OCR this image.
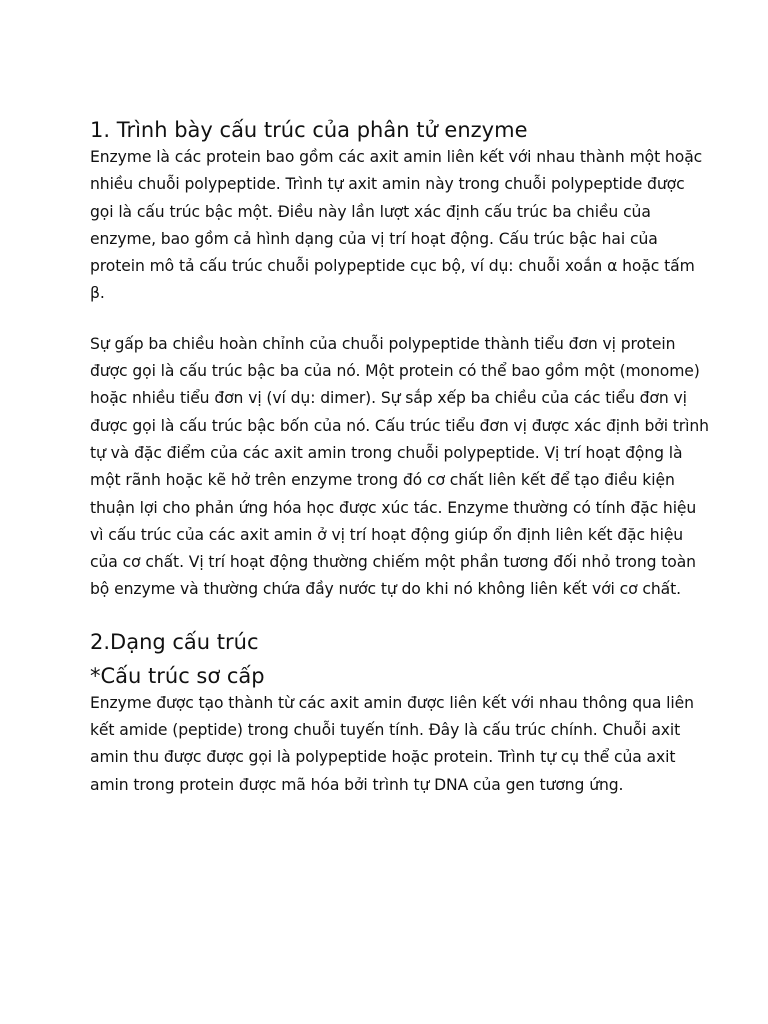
1. Trình bày cấu trúc của phân tử enzyme

Enzyme là các protein bao gồm các axit amin liên kết với nhau thành một hoặc nhiều chuỗi polypeptide. Trình tự axit amin này trong chuỗi polypeptide được gọi là cấu trúc bậc một. Điều này lần lượt xác định cấu trúc ba chiều của enzyme, bao gồm cả hình dạng của vị trí hoạt động. Cấu trúc bậc hai của protein mô tả cấu trúc chuỗi polypeptide cục bộ, ví dụ: chuỗi xoắn α hoặc tấm β.

Sự gấp ba chiều hoàn chỉnh của chuỗi polypeptide thành tiểu đơn vị protein được gọi là cấu trúc bậc ba của nó. Một protein có thể bao gồm một (monome) hoặc nhiều tiểu đơn vị (ví dụ: dimer). Sự sắp xếp ba chiều của các tiểu đơn vị được gọi là cấu trúc bậc bốn của nó. Cấu trúc tiểu đơn vị được xác định bởi trình tự và đặc điểm của các axit amin trong chuỗi polypeptide. Vị trí hoạt động là một rãnh hoặc kẽ hở trên enzyme trong đó cơ chất liên kết để tạo điều kiện thuận lợi cho phản ứng hóa học được xúc tác. Enzyme thường có tính đặc hiệu vì cấu trúc của các axit amin ở vị trí hoạt động giúp ổn định liên kết đặc hiệu của cơ chất. Vị trí hoạt động thường chiếm một phần tương đối nhỏ trong toàn bộ enzyme và thường chứa đầy nước tự do khi nó không liên kết với cơ chất.

2.Dạng cấu trúc
*Cấu trúc sơ cấp

Enzyme được tạo thành từ các axit amin được liên kết với nhau thông qua liên kết amide (peptide) trong chuỗi tuyến tính. Đây là cấu trúc chính. Chuỗi axit amin thu được được gọi là polypeptide hoặc protein. Trình tự cụ thể của axit amin trong protein được mã hóa bởi trình tự DNA của gen tương ứng.
